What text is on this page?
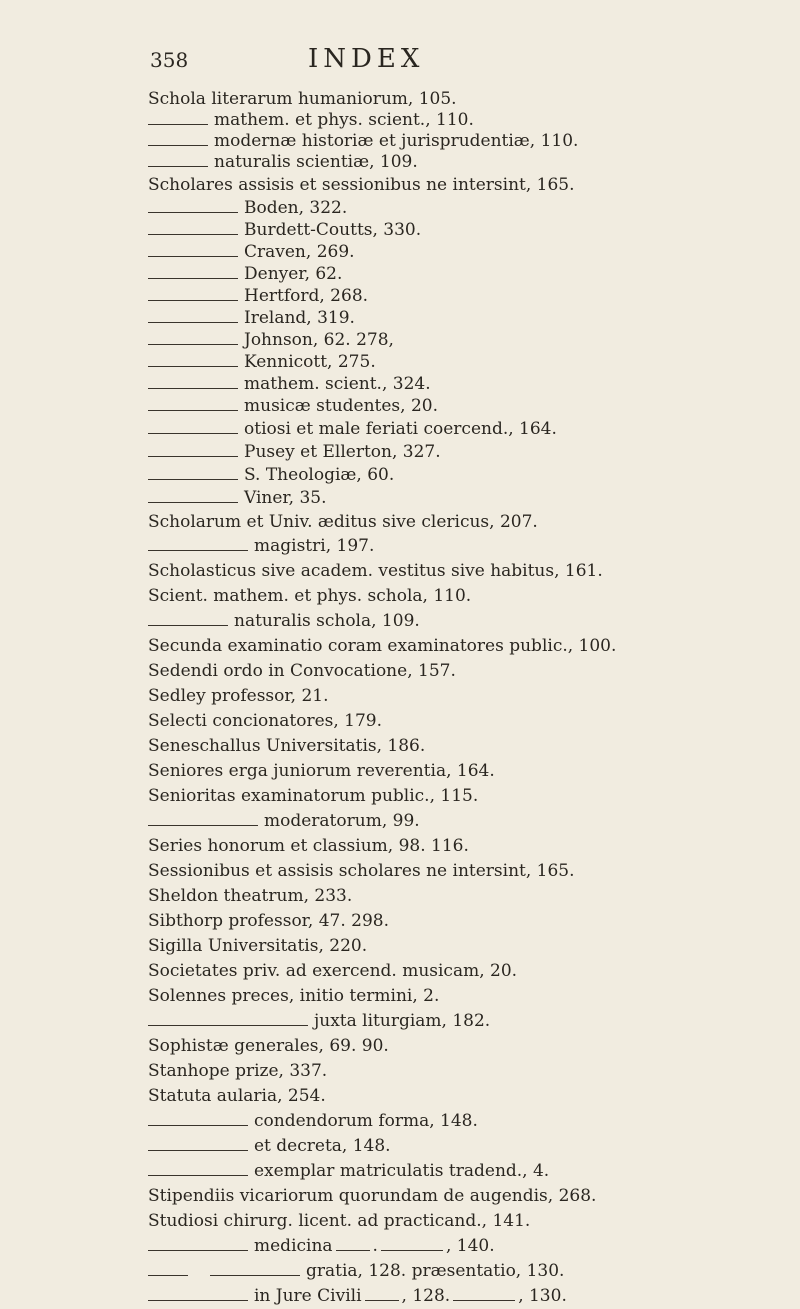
358	INDEX
Schola literarum humaniorum, 105.
mathem. et phys. scient., 110.
modernæ historiæ et jurisprudentiæ, 110.
naturalis scientiæ, 109.
Scholares assisis et sessionibus ne intersint, 165.
Boden, 322.
Burdett-Coutts, 330.
Craven, 269.
Denyer, 62.
Hertford, 268.
Ireland, 319.
Johnson, 62. 278,
Kennicott, 275.
mathem. scient., 324.
musicæ studentes, 20.
otiosi et male feriati coercend., 164.
Pusey et Ellerton, 327.
S. Theologiæ, 60.
Viner, 35.
Scholarum et Univ. æditus sive clericus, 207.
magistri, 197.
Scholasticus sive academ. vestitus sive habitus, 161.
Scient. mathem. et phys. schola, 110.
naturalis schola, 109.
Secunda examinatio coram examinatores public., 100.
Sedendi ordo in Convocatione, 157.
Sedley professor, 21.
Selecti concionatores, 179.
Seneschallus Universitatis, 186.
Seniores erga juniorum reverentia, 164.
Senioritas examinatorum public., 115.
moderatorum, 99.
Series honorum et classium, 98. 116.
Sessionibus et assisis scholares ne intersint, 165.
Sheldon theatrum, 233.
Sibthorp professor, 47. 298.
Sigilla Universitatis, 220.
Societates priv. ad exercend. musicam, 20.
Solennes preces, initio termini, 2.
juxta liturgiam, 182.
Sophistæ generales, 69. 90.
Stanhope prize, 337.
Statuta aularia, 254.
condendorum forma, 148.
et decreta, 148.
exemplar matriculatis tradend., 4.
Stipendiis vicariorum quorundam de augendis, 268.
Studiosi chirurg. licent. ad practicand., 141.
medicina .	, 140.
gratia, 128. præsentatio, 130.
in Jure Civili , 128.	, 130.
